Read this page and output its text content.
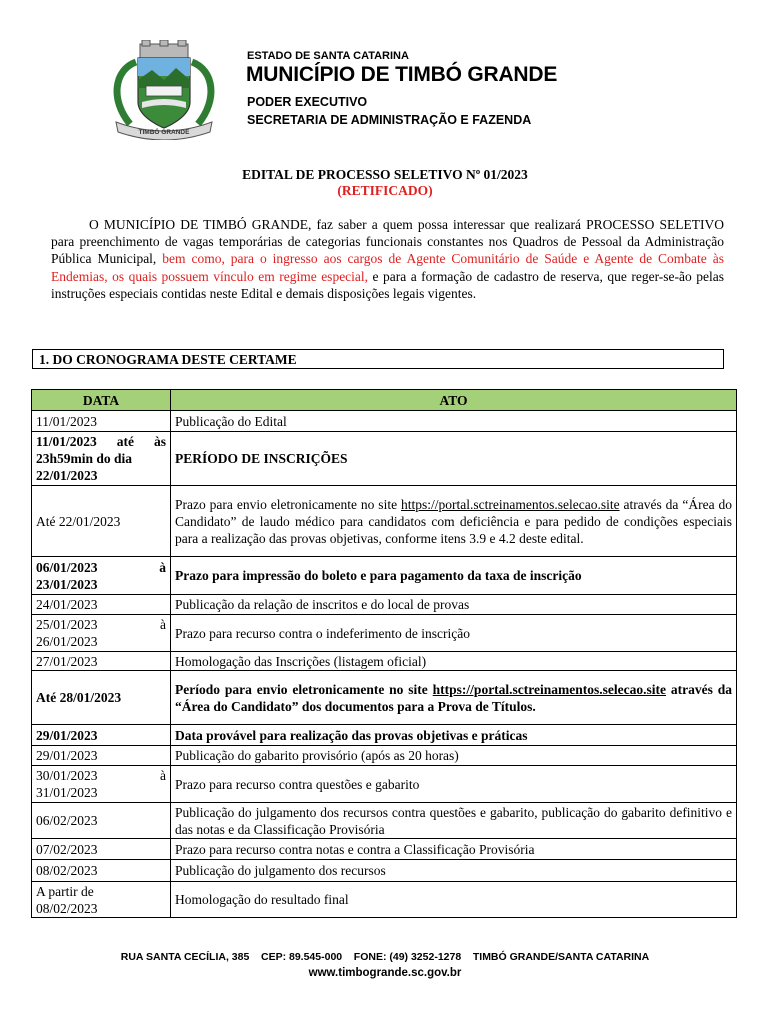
TIMBÓ GRANDE
ESTADO DE SANTA CATARINA
MUNICÍPIO DE TIMBÓ GRANDE
PODER EXECUTIVO
SECRETARIA DE ADMINISTRAÇÃO E FAZENDA
EDITAL DE PROCESSO SELETIVO Nº 01/2023
(RETIFICADO)
O MUNICÍPIO DE TIMBÓ GRANDE, faz saber a quem possa interessar que realizará PROCESSO SELETIVO para preenchimento de vagas temporárias de categorias funcionais constantes nos Quadros de Pessoal da Administração Pública Municipal, bem como, para o ingresso aos cargos de Agente Comunitário de Saúde e Agente de Combate às Endemias, os quais possuem vínculo em regime especial, e para a formação de cadastro de reserva, que reger-se-ão pelas instruções especiais contidas neste Edital e demais disposições legais vigentes.
1. DO CRONOGRAMA DESTE CERTAME
DATA	ATO
11/01/2023	Publicação do Edital

11/01/2023 até às
23h59min do dia
22/01/2023	PERÍODO DE INSCRIÇÕES
Até 22/01/2023	Prazo para envio eletronicamente no site https://portal.sctreinamentos.selecao.site através da “Área do Candidato” de laudo médico para candidatos com deficiência e para pedido de condições especiais para a realização das provas objetivas, conforme itens 3.9 e 4.2 deste edital.

06/01/2023 à
23/01/2023	Prazo para impressão do boleto e para pagamento da taxa de inscrição
24/01/2023	Publicação da relação de inscritos e do local de provas

25/01/2023 à
26/01/2023	Prazo para recurso contra o indeferimento de inscrição
27/01/2023	Homologação das Inscrições (listagem oficial)
Até 28/01/2023	Período para envio eletronicamente no site https://portal.sctreinamentos.selecao.site através da “Área do Candidato” dos documentos para a Prova de Títulos.
29/01/2023	Data provável para realização das provas objetivas e práticas
29/01/2023	Publicação do gabarito provisório (após as 20 horas)

30/01/2023 à
31/01/2023	Prazo para recurso contra questões e gabarito
06/02/2023	Publicação do julgamento dos recursos contra questões e gabarito, publicação do gabarito definitivo e das notas e da Classificação Provisória
07/02/2023	Prazo para recurso contra notas e contra a Classificação Provisória
08/02/2023	Publicação do julgamento dos recursos

A partir de
08/02/2023	Homologação do resultado final
RUA SANTA CECÍLIA, 385 CEP: 89.545-000 FONE: (49) 3252-1278 TIMBÓ GRANDE/SANTA CATARINA
www.timbogrande.sc.gov.br
